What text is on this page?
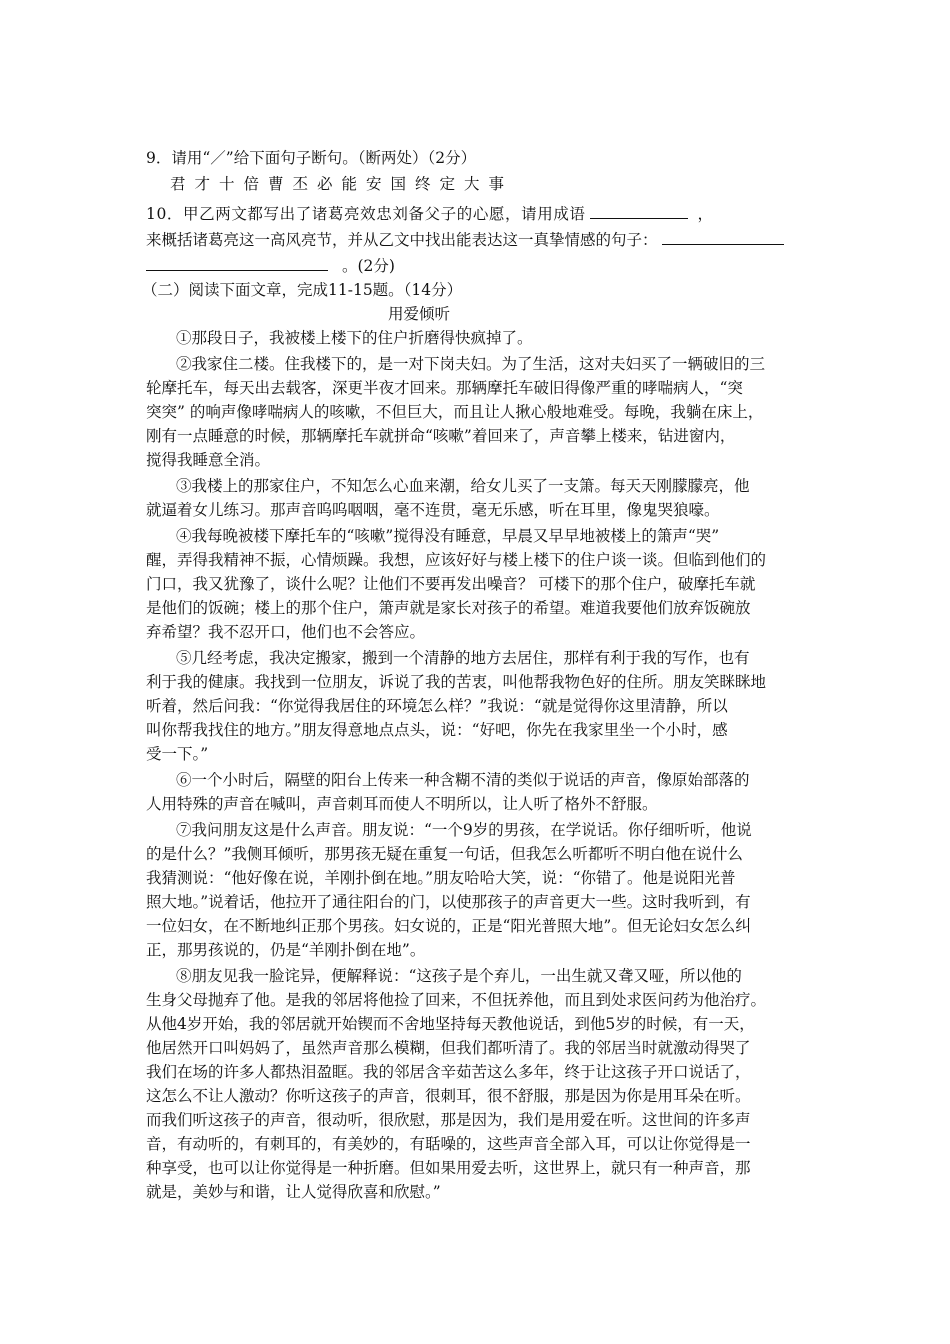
9．请用“／”给下面句子断句。（断两处）（2分）
君才十倍曹丕必能安国终定大事
10．甲乙两文都写出了诸葛亮效忠刘备父子的心愿，请用成语	，
来概括诸葛亮这一高风亮节，并从乙文中找出能表达这一真挚情感的句子：
。(2分)
（二）阅读下面文章，完成11-15题。（14分）
用爱倾听
①那段日子，我被楼上楼下的住户折磨得快疯掉了。
②我家住二楼。住我楼下的，是一对下岗夫妇。为了生活，这对夫妇买了一辆破旧的三
轮摩托车，每天出去载客，深更半夜才回来。那辆摩托车破旧得像严重的哮喘病人，“突
突突” 的响声像哮喘病人的咳嗽，不但巨大，而且让人揪心般地难受。每晚，我躺在床上，
刚有一点睡意的时候，那辆摩托车就拼命“咳嗽”着回来了，声音攀上楼来，钻进窗内，
搅得我睡意全消。
③我楼上的那家住户，不知怎么心血来潮，给女儿买了一支箫。每天天刚朦朦亮，他
就逼着女儿练习。那声音呜呜咽咽，毫不连贯，毫无乐感，听在耳里，像鬼哭狼嚎。
④我每晚被楼下摩托车的“咳嗽”搅得没有睡意，早晨又早早地被楼上的箫声“哭”
醒，弄得我精神不振，心情烦躁。我想，应该好好与楼上楼下的住户谈一谈。但临到他们的
门口，我又犹豫了，谈什么呢？让他们不要再发出噪音？ 可楼下的那个住户，破摩托车就
是他们的饭碗；楼上的那个住户，箫声就是家长对孩子的希望。难道我要他们放弃饭碗放
弃希望？我不忍开口，他们也不会答应。
⑤几经考虑，我决定搬家，搬到一个清静的地方去居住，那样有利于我的写作，也有
利于我的健康。我找到一位朋友，诉说了我的苦衷，叫他帮我物色好的住所。朋友笑眯眯地
听着，然后问我：“你觉得我居住的环境怎么样？”我说：“就是觉得你这里清静，所以
叫你帮我找住的地方。”朋友得意地点点头，说：“好吧，你先在我家里坐一个小时，感
受一下。”
⑥一个小时后，隔壁的阳台上传来一种含糊不清的类似于说话的声音，像原始部落的
人用特殊的声音在喊叫，声音刺耳而使人不明所以，让人听了格外不舒服。
⑦我问朋友这是什么声音。朋友说：“一个9岁的男孩，在学说话。你仔细听听，他说
的是什么？”我侧耳倾听，那男孩无疑在重复一句话，但我怎么听都听不明白他在说什么
我猜测说：“他好像在说，羊刚扑倒在地。”朋友哈哈大笑，说：“你错了。他是说阳光普
照大地。”说着话，他拉开了通往阳台的门，以使那孩子的声音更大一些。这时我听到，有
一位妇女，在不断地纠正那个男孩。妇女说的，正是“阳光普照大地”。但无论妇女怎么纠
正，那男孩说的，仍是“羊刚扑倒在地”。
⑧朋友见我一脸诧异，便解释说：“这孩子是个弃儿，一出生就又聋又哑，所以他的
生身父母抛弃了他。是我的邻居将他捡了回来，不但抚养他，而且到处求医问药为他治疗。
从他4岁开始，我的邻居就开始锲而不舍地坚持每天教他说话，到他5岁的时候，有一天，
他居然开口叫妈妈了，虽然声音那么模糊，但我们都听清了。我的邻居当时就激动得哭了
我们在场的许多人都热泪盈眶。我的邻居含辛茹苦这么多年，终于让这孩子开口说话了，
这怎么不让人激动？你听这孩子的声音，很刺耳，很不舒服，那是因为你是用耳朵在听。
而我们听这孩子的声音，很动听，很欣慰，那是因为，我们是用爱在听。这世间的许多声
音，有动听的，有刺耳的，有美妙的，有聒噪的，这些声音全部入耳，可以让你觉得是一
种享受，也可以让你觉得是一种折磨。但如果用爱去听，这世界上，就只有一种声音，那
就是，美妙与和谐，让人觉得欣喜和欣慰。”
